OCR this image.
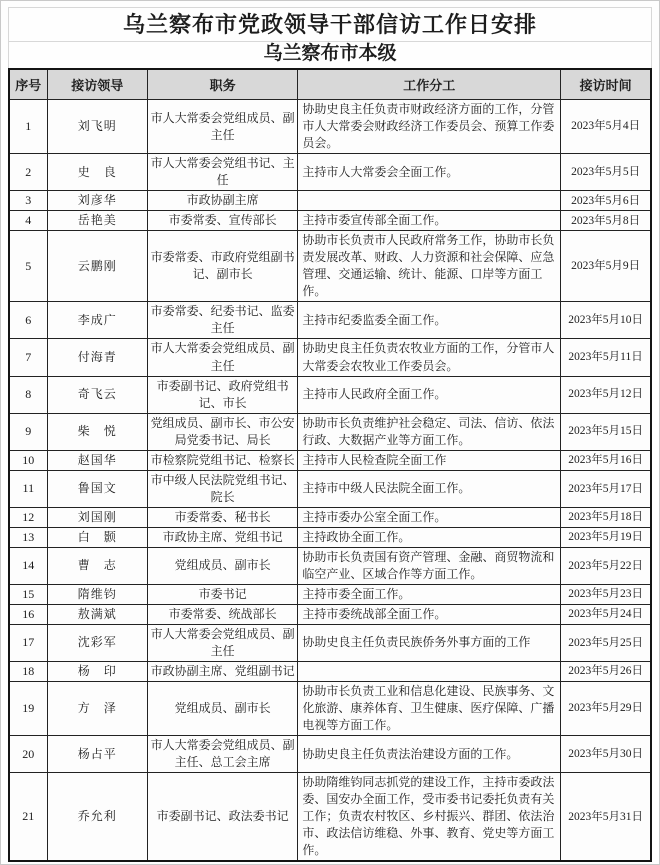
乌兰察布市党政领导干部信访工作日安排
乌兰察布市本级
序号	接访领导	职务	工作分工	接访时间
1	刘飞明	市人大常委会党组成员、副主任	协助史良主任负责市财政经济方面的工作，分管市人大常委会财政经济工作委员会、预算工作委员会。	2023年5月4日
2	史　良	市人大常委会党组书记、主任	主持市人大常委会全面工作。	2023年5月5日
3	刘彦华	市政协副主席		2023年5月6日
4	岳艳美	市委常委、宣传部长	主持市委宣传部全面工作。	2023年5月8日
5	云鹏刚	市委常委、市政府党组副书记、副市长	协助市长负责市人民政府常务工作，协助市长负责发展改革、财政、人力资源和社会保障、应急管理、交通运输、统计、能源、口岸等方面工作。	2023年5月9日
6	李成广	市委常委、纪委书记、监委主任	主持市纪委监委全面工作。	2023年5月10日
7	付海青	市人大常委会党组成员、副主任	协助史良主任负责农牧业方面的工作，分管市人大常委会农牧业工作委员会。	2023年5月11日
8	奇飞云	市委副书记、政府党组书记、市长	主持市人民政府全面工作。	2023年5月12日
9	柴　悦	党组成员、副市长、市公安局党委书记、局长	协助市长负责维护社会稳定、司法、信访、依法行政、大数据产业等方面工作。	2023年5月15日
10	赵国华	市检察院党组书记、检察长	主持市人民检查院全面工作	2023年5月16日
11	鲁国文	市中级人民法院党组书记、院长	主持市中级人民法院全面工作。	2023年5月17日
12	刘国刚	市委常委、秘书长	主持市委办公室全面工作。	2023年5月18日
13	白　颢	市政协主席、党组书记	主持政协全面工作。	2023年5月19日
14	曹　志	党组成员、副市长	协助市长负责国有资产管理、金融、商贸物流和临空产业、区域合作等方面工作。	2023年5月22日
15	隋维钧	市委书记	主持市委全面工作。	2023年5月23日
16	敖满斌	市委常委、统战部长	主持市委统战部全面工作。	2023年5月24日
17	沈彩军	市人大常委会党组成员、副主任	协助史良主任负责民族侨务外事方面的工作	2023年5月25日
18	杨　印	市政协副主席、党组副书记		2023年5月26日
19	方　泽	党组成员、副市长	协助市长负责工业和信息化建设、民族事务、文化旅游、康养体育、卫生健康、医疗保障、广播电视等方面工作。	2023年5月29日
20	杨占平	市人大常委会党组成员、副主任、总工会主席	协助史良主任负责法治建设方面的工作。	2023年5月30日
21	乔允利	市委副书记、政法委书记	协助隋维钧同志抓党的建设工作，主持市委政法委、国安办全面工作，受市委书记委托负责有关工作；负责农村牧区、乡村振兴、群团、依法治市、政法信访维稳、外事、教育、党史等方面工作。	2023年5月31日
